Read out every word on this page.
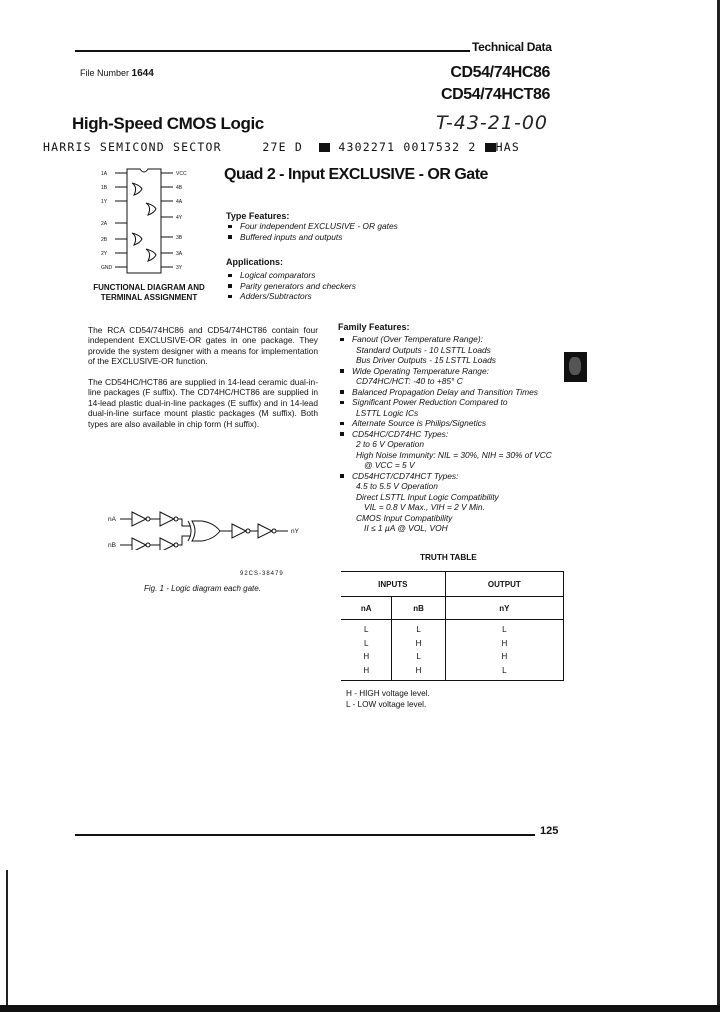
Technical Data
File Number 1644	CD54/74HC86
CD54/74HCT86
High-Speed CMOS Logic	T-43-21-00
HARRIS SEMICOND SECTOR	27E D	4302271 0017532 2 HAS
Quad 2 - Input EXCLUSIVE - OR Gate
1A
1B
1Y
2A
2B
2Y
GND
VCC
4B
4A
4Y
3B
3A
3Y
FUNCTIONAL DIAGRAM AND
TERMINAL ASSIGNMENT
Type Features:
Four independent EXCLUSIVE - OR gates
Buffered inputs and outputs
Applications:
Logical comparators
Parity generators and checkers
Adders/Subtractors
The RCA CD54/74HC86 and CD54/74HCT86 contain four independent EXCLUSIVE-OR gates in one package. They provide the system designer with a means for implementation of the EXCLUSIVE-OR function.
The CD54HC/HCT86 are supplied in 14-lead ceramic dual-in-line packages (F suffix). The CD74HC/HCT86 are supplied in 14-lead plastic dual-in-line packages (E suffix) and in 14-lead dual-in-line surface mount plastic packages (M suffix). Both types are also available in chip form (H suffix).
Family Features:
Fanout (Over Temperature Range):
Standard Outputs - 10 LSTTL Loads
Bus Driver Outputs - 15 LSTTL Loads
Wide Operating Temperature Range:
CD74HC/HCT: -40 to +85° C
Balanced Propagation Delay and Transition Times
Significant Power Reduction Compared to
LSTTL Logic ICs
Alternate Source is Philips/Signetics
CD54HC/CD74HC Types:
2 to 6 V Operation
High Noise Immunity: NIL = 30%, NIH = 30% of VCC
@ VCC = 5 V
CD54HCT/CD74HCT Types:
4.5 to 5.5 V Operation
Direct LSTTL Input Logic Compatibility
VIL = 0.8 V Max., VIH = 2 V Min.
CMOS Input Compatibility
II ≤ 1 µA @ VOL, VOH
nA
nB
nY
92CS-38479
Fig. 1 - Logic diagram each gate.
TRUTH TABLE
INPUTS		OUTPUT
nA	nB	nY
L	L	L
L	H	H
H	L	H
H	H	L
H - HIGH voltage level.
L - LOW voltage level.
125
